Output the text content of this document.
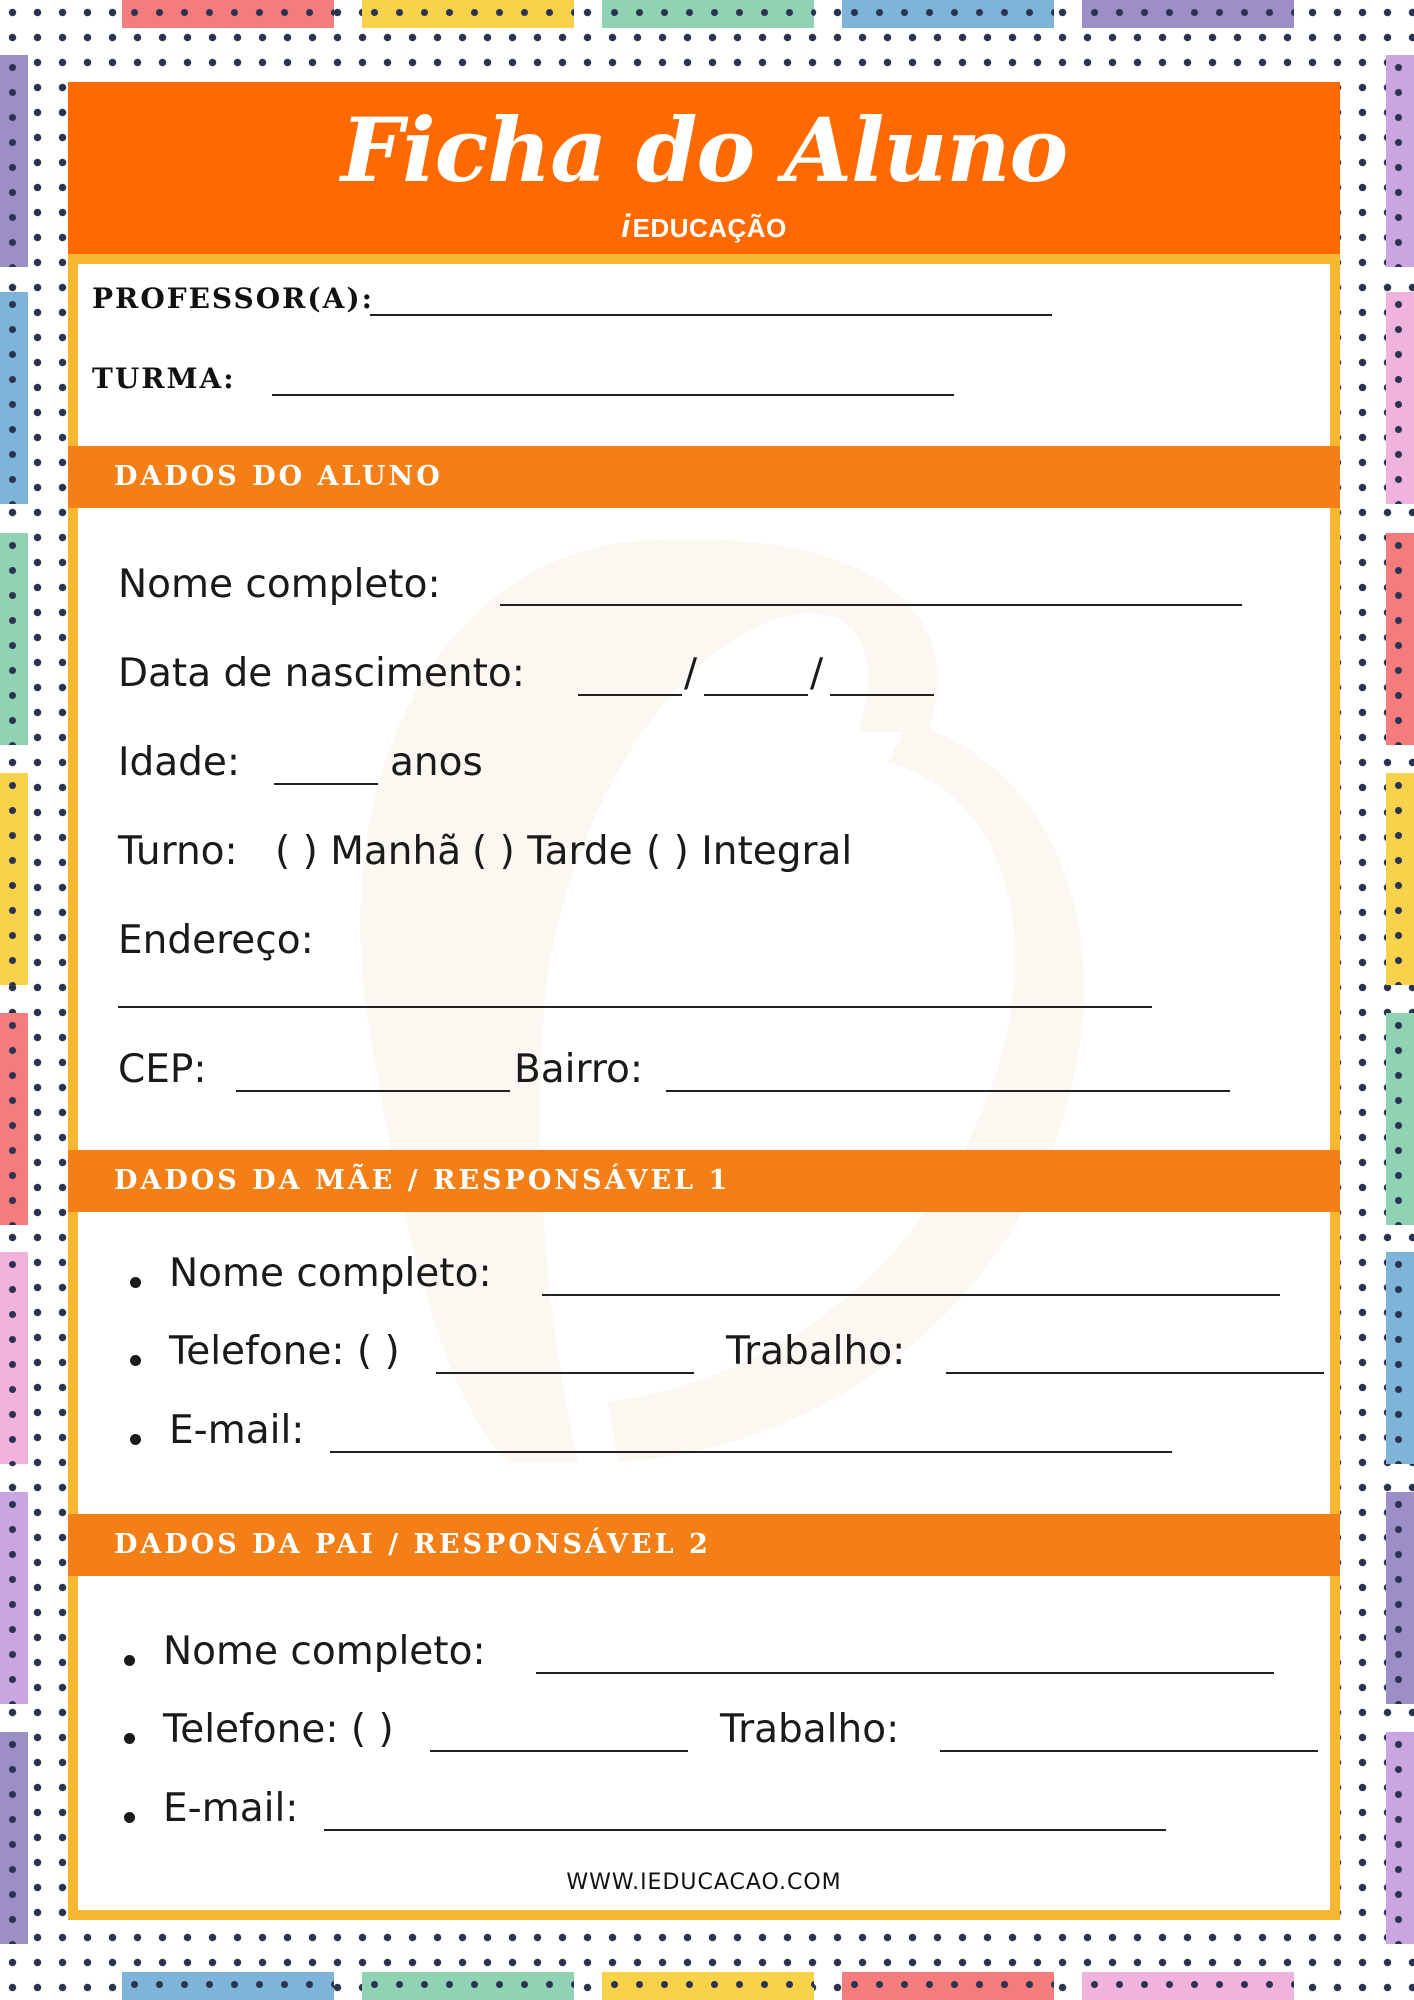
Ficha do Aluno
iEDUCAÇÃO
PROFESSOR(A):
TURMA:
DADOS DO ALUNO
Nome completo:
Data de nascimento:	/	/
Idade:	anos
Turno: ( ) Manhã ( ) Tarde ( ) Integral
Endereço:
CEP:	Bairro:
DADOS DA MÃE / RESPONSÁVEL 1
Nome completo:
Telefone: ( )	Trabalho:
E-mail:
DADOS DA PAI / RESPONSÁVEL 2
Nome completo:
Telefone: ( )	Trabalho:
E-mail:
WWW.IEDUCACAO.COM
